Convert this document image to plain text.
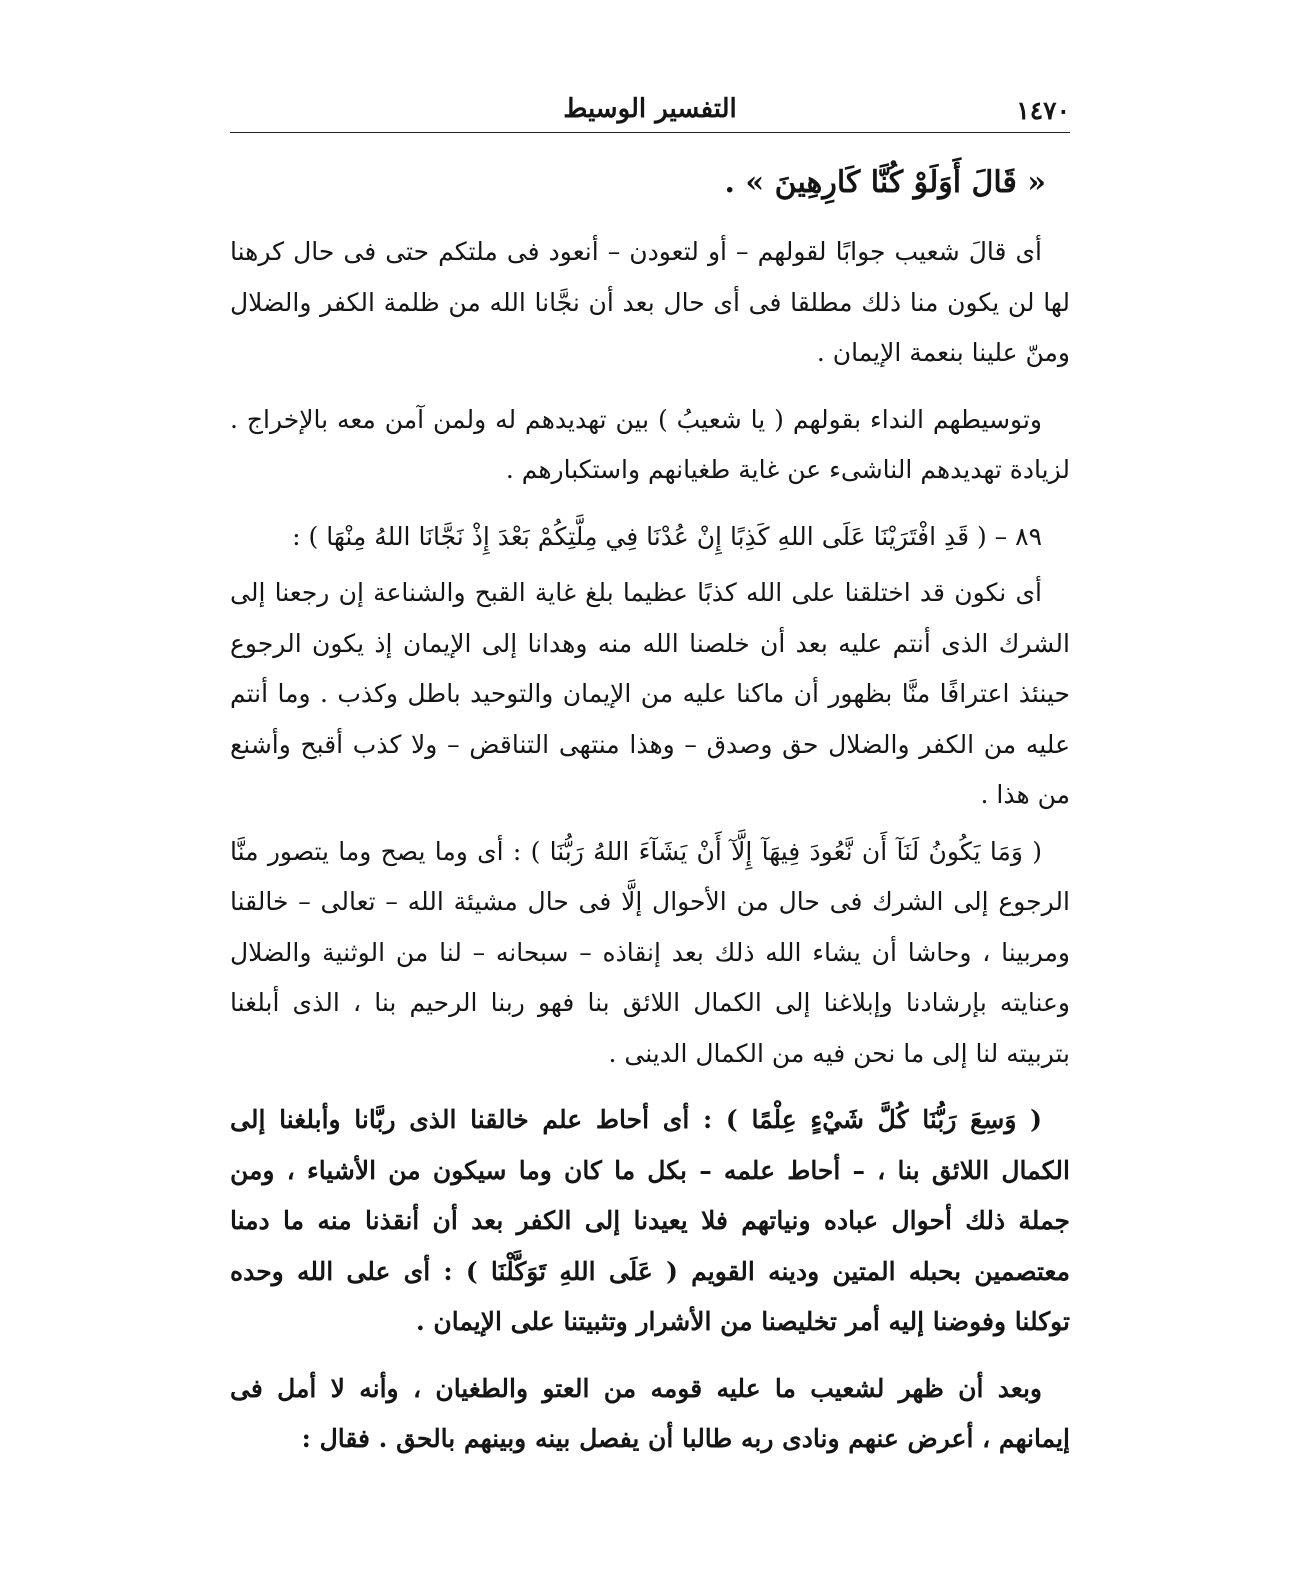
١٤٧٠
التفسير الوسيط
« قَالَ أَوَلَوْ كُنَّا كَارِهِينَ » .

أى قالَ شعيب جوابًا لقولهم – أو لتعودن – أنعود فى ملتكم حتى فى حال كرهنا لها لن يكون منا ذلك مطلقا فى أى حال بعد أن نجَّانا الله من ظلمة الكفر والضلال ومنّ علينا بنعمة الإيمان .

وتوسيطهم النداء بقولهم ( يا شعيبُ ) بين تهديدهم له ولمن آمن معه بالإخراج . لزيادة تهديدهم الناشىء عن غاية طغيانهم واستكبارهم .

٨٩ – ( قَدِ افْتَرَيْنَا عَلَى اللهِ كَذِبًا إِنْ عُدْنَا فِي مِلَّتِكُمْ بَعْدَ إِذْ نَجَّانَا اللهُ مِنْهَا ) :

أى نكون قد اختلقنا على الله كذبًا عظيما بلغ غاية القبح والشناعة إن رجعنا إلى الشرك الذى أنتم عليه بعد أن خلصنا الله منه وهدانا إلى الإيمان إذ يكون الرجوع حينئذ اعترافًا منَّا بظهور أن ماكنا عليه من الإيمان والتوحيد باطل وكذب . وما أنتم عليه من الكفر والضلال حق وصدق – وهذا منتهى التناقض – ولا كذب أقبح وأشنع من هذا .

( وَمَا يَكُونُ لَنَآ أَن نَّعُودَ فِيهَآ إِلَّآ أَنْ يَشَآءَ اللهُ رَبُّنَا ) : أى وما يصح وما يتصور منَّا الرجوع إلى الشرك فى حال من الأحوال إلَّا فى حال مشيئة الله – تعالى – خالقنا ومربينا ، وحاشا أن يشاء الله ذلك بعد إنقاذه – سبحانه – لنا من الوثنية والضلال وعنايته بإرشادنا وإبلاغنا إلى الكمال اللائق بنا فهو ربنا الرحيم بنا ، الذى أبلغنا بتربيته لنا إلى ما نحن فيه من الكمال الدينى .

( وَسِعَ رَبُّنَا كُلَّ شَيْءٍ عِلْمًا ) : أى أحاط علم خالقنا الذى ربَّانا وأبلغنا إلى الكمال اللائق بنا ، – أحاط علمه – بكل ما كان وما سيكون من الأشياء ، ومن جملة ذلك أحوال عباده ونياتهم فلا يعيدنا إلى الكفر بعد أن أنقذنا منه ما دمنا معتصمين بحبله المتين ودينه القويم ( عَلَى اللهِ تَوَكَّلْنَا ) : أى على الله وحده توكلنا وفوضنا إليه أمر تخليصنا من الأشرار وتثبيتنا على الإيمان .

وبعد أن ظهر لشعيب ما عليه قومه من العتو والطغيان ، وأنه لا أمل فى إيمانهم ، أعرض عنهم ونادى ربه طالبا أن يفصل بينه وبينهم بالحق . فقال :
